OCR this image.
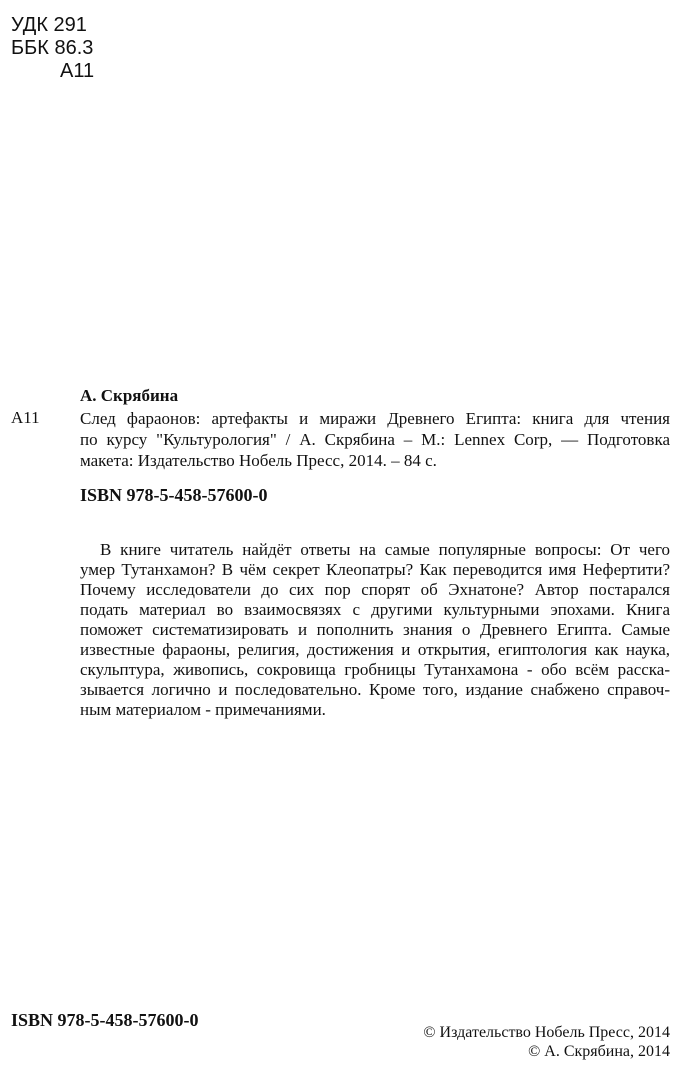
УДК 291
ББК 86.3
А11
А. Скрябина
А11 След фараонов: артефакты и миражи Древнего Египта: книга для чтения
по курсу "Культурология" / А. Скрябина – М.: Lennex Corp, — Подготовка
макета: Издательство Нобель Пресс, 2014. – 84 с.
ISBN 978-5-458-57600-0
В книге читатель найдёт ответы на самые популярные вопросы: От чего
умер Тутанхамон? В чём секрет Клеопатры? Как переводится имя Нефертити?
Почему исследователи до сих пор спорят об Эхнатоне? Автор постарался
подать материал во взаимосвязях с другими культурными эпохами. Книга
поможет систематизировать и пополнить знания о Древнего Египта. Самые
известные фараоны, религия, достижения и открытия, египтология как наука,
скульптура, живопись, сокровища гробницы Тутанхамона - обо всём расска-
зывается логично и последовательно. Кроме того, издание снабжено справоч-
ным материалом - примечаниями.
ISBN 978-5-458-57600-0
© Издательство Нобель Пресс, 2014
© А. Скрябина, 2014
